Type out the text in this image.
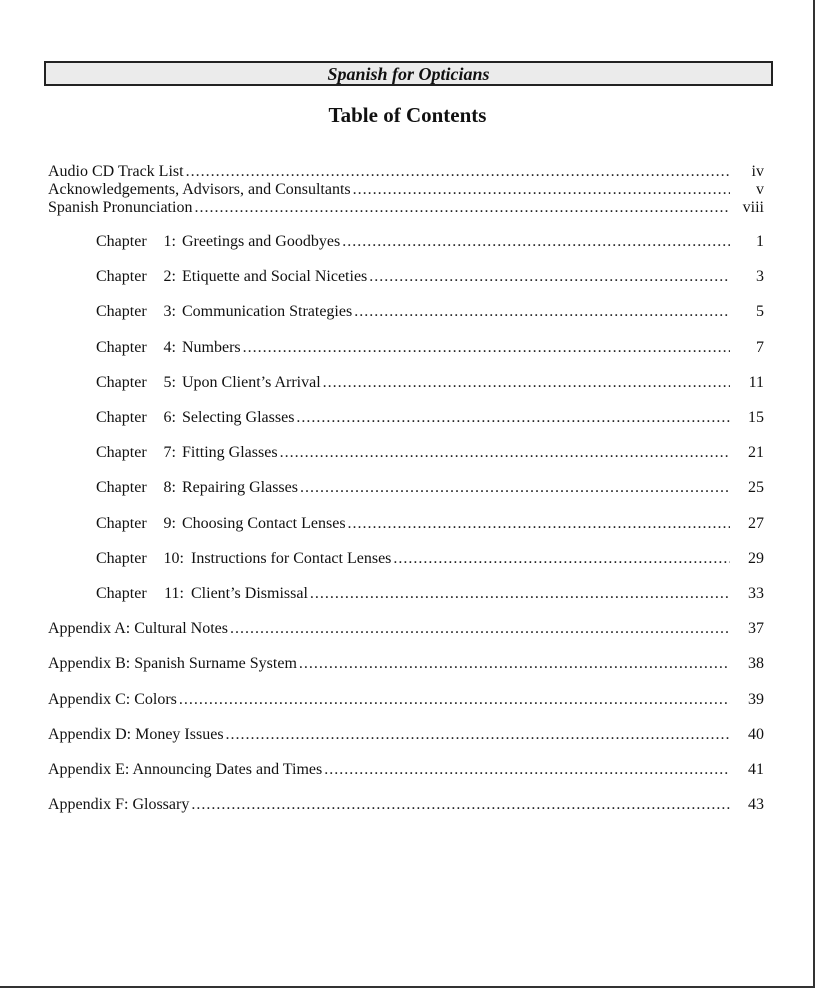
Spanish for Opticians
Table of Contents
Audio CD Track List .....	iv
Acknowledgements, Advisors, and Consultants .....	v
Spanish Pronunciation .....	viii
Chapter 1: Greetings and Goodbyes .....	1
Chapter 2: Etiquette and Social Niceties .....	3
Chapter 3: Communication Strategies .....	5
Chapter 4: Numbers .....	7
Chapter 5: Upon Client’s Arrival .....	11
Chapter 6: Selecting Glasses .....	15
Chapter 7: Fitting Glasses .....	21
Chapter 8: Repairing Glasses .....	25
Chapter 9: Choosing Contact Lenses .....	27
Chapter 10: Instructions for Contact Lenses .....	29
Chapter 11: Client’s Dismissal .....	33
Appendix A: Cultural Notes .....	37
Appendix B: Spanish Surname System .....	38
Appendix C: Colors .....	39
Appendix D: Money Issues .....	40
Appendix E: Announcing Dates and Times .....	41
Appendix F: Glossary .....	43
